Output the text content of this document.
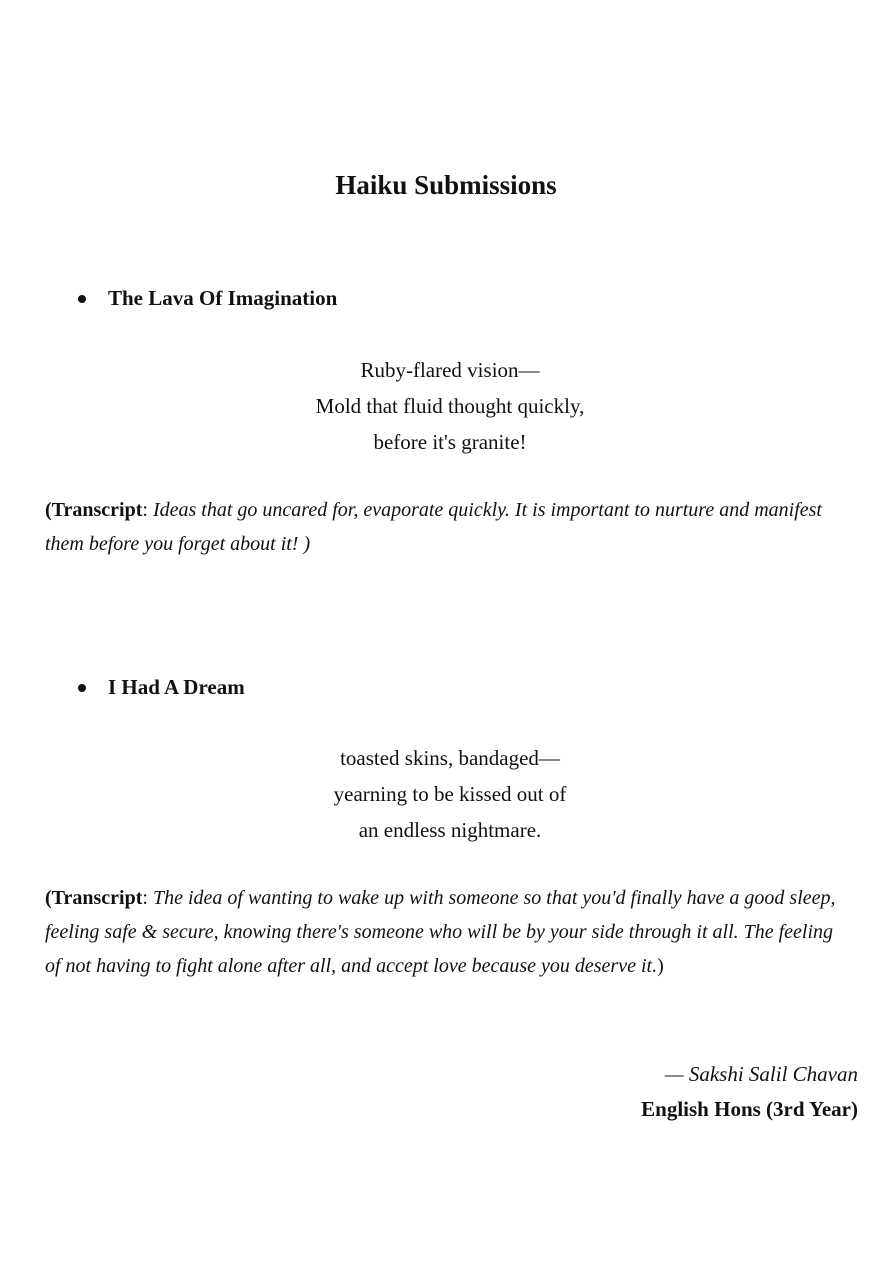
Haiku Submissions
The Lava Of Imagination
Ruby-flared vision—
Mold that fluid thought quickly,
before it's granite!
(Transcript: Ideas that go uncared for, evaporate quickly. It is important to nurture and manifest them before you forget about it! )
I Had A Dream
toasted skins, bandaged—
yearning to be kissed out of
an endless nightmare.
(Transcript: The idea of wanting to wake up with someone so that you'd finally have a good sleep, feeling safe & secure, knowing there's someone who will be by your side through it all. The feeling of not having to fight alone after all, and accept love because you deserve it.)
— Sakshi Salil Chavan
English Hons (3rd Year)
